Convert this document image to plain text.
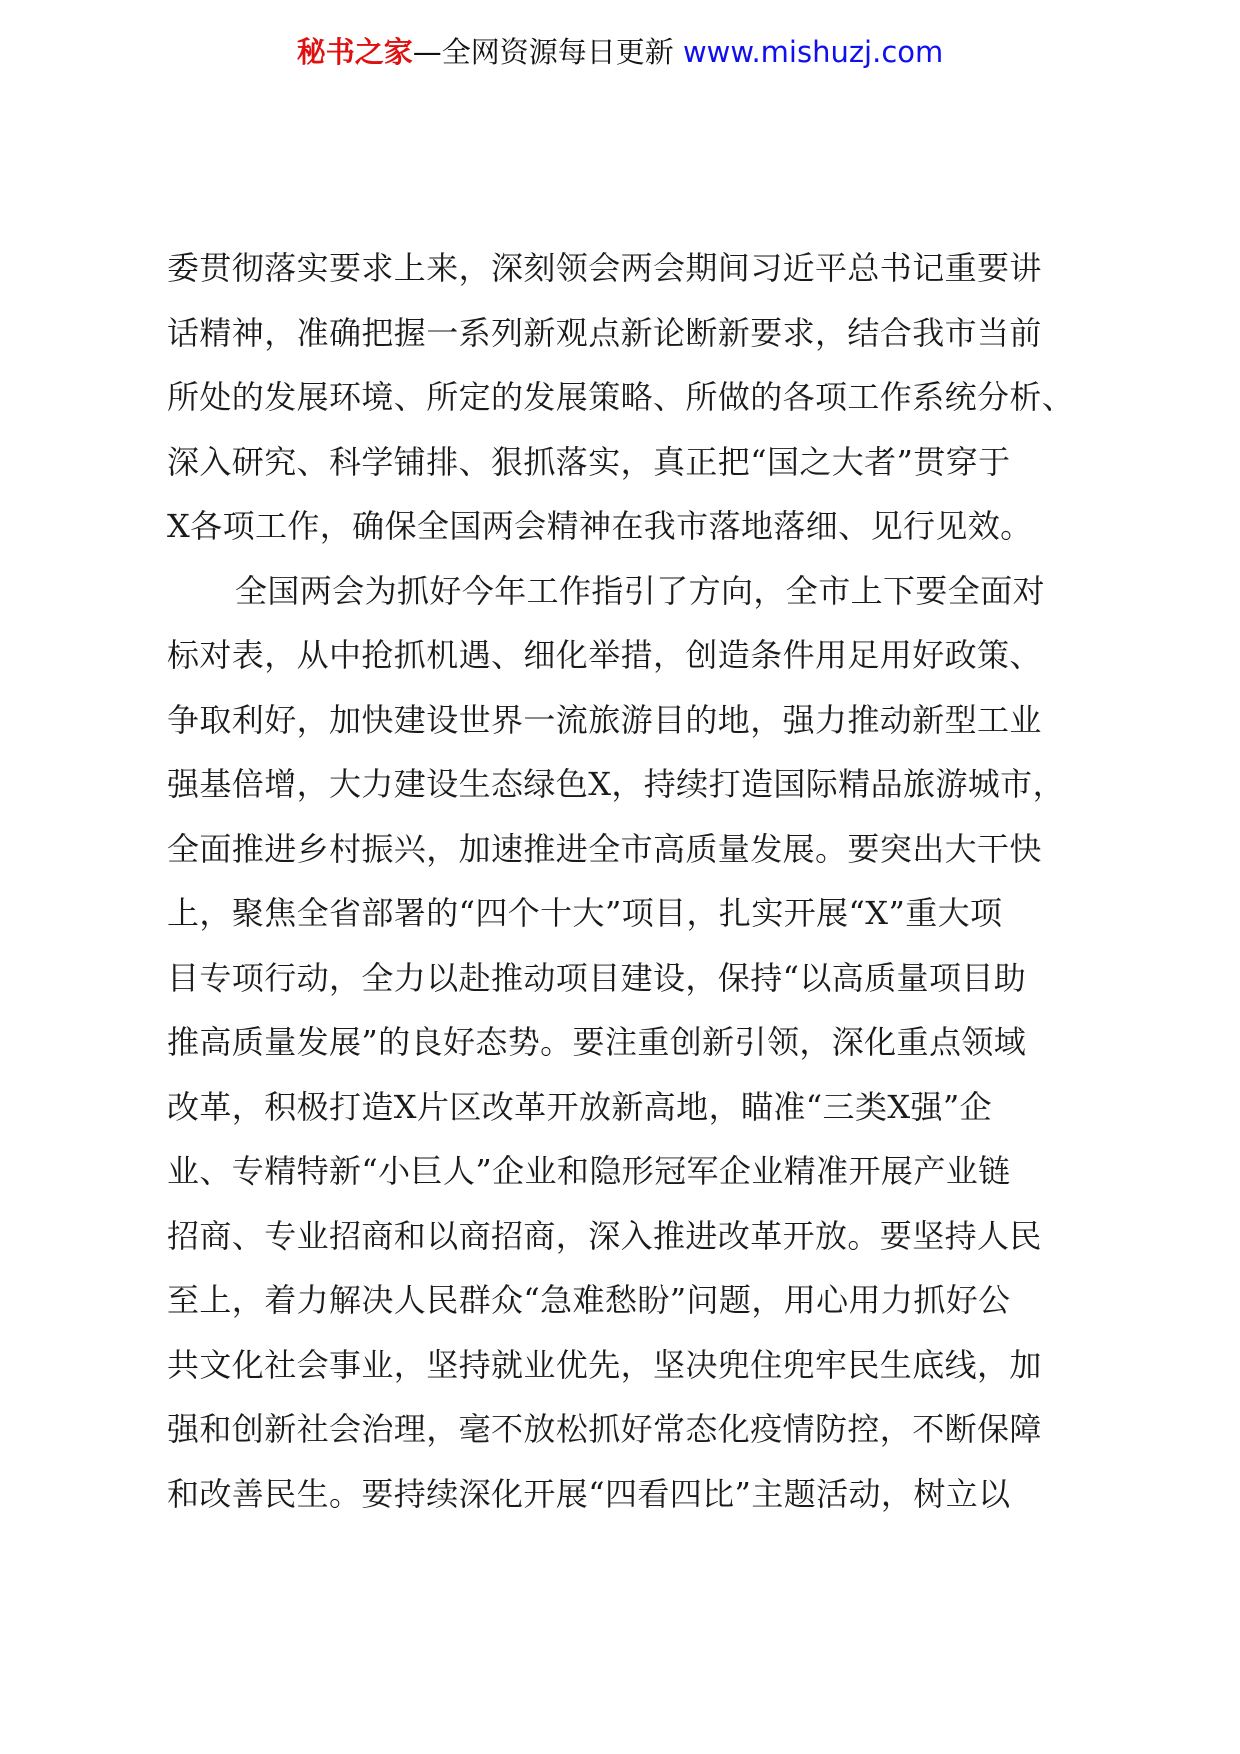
秘书之家—全网资源每日更新 www.mishuzj.com
委贯彻落实要求上来，深刻领会两会期间习近平总书记重要讲
话精神，准确把握一系列新观点新论断新要求，结合我市当前
所处的发展环境、所定的发展策略、所做的各项工作系统分析、
深入研究、科学铺排、狠抓落实，真正把“国之大者”贯穿于
X各项工作，确保全国两会精神在我市落地落细、见行见效。
全国两会为抓好今年工作指引了方向，全市上下要全面对
标对表，从中抢抓机遇、细化举措，创造条件用足用好政策、
争取利好，加快建设世界一流旅游目的地，强力推动新型工业
强基倍增，大力建设生态绿色X，持续打造国际精品旅游城市，
全面推进乡村振兴，加速推进全市高质量发展。要突出大干快
上，聚焦全省部署的“四个十大”项目，扎实开展“X”重大项
目专项行动，全力以赴推动项目建设，保持“以高质量项目助
推高质量发展”的良好态势。要注重创新引领，深化重点领域
改革，积极打造X片区改革开放新高地，瞄准“三类X强”企
业、专精特新“小巨人”企业和隐形冠军企业精准开展产业链
招商、专业招商和以商招商，深入推进改革开放。要坚持人民
至上，着力解决人民群众“急难愁盼”问题，用心用力抓好公
共文化社会事业，坚持就业优先，坚决兜住兜牢民生底线，加
强和创新社会治理，毫不放松抓好常态化疫情防控，不断保障
和改善民生。要持续深化开展“四看四比”主题活动，树立以
